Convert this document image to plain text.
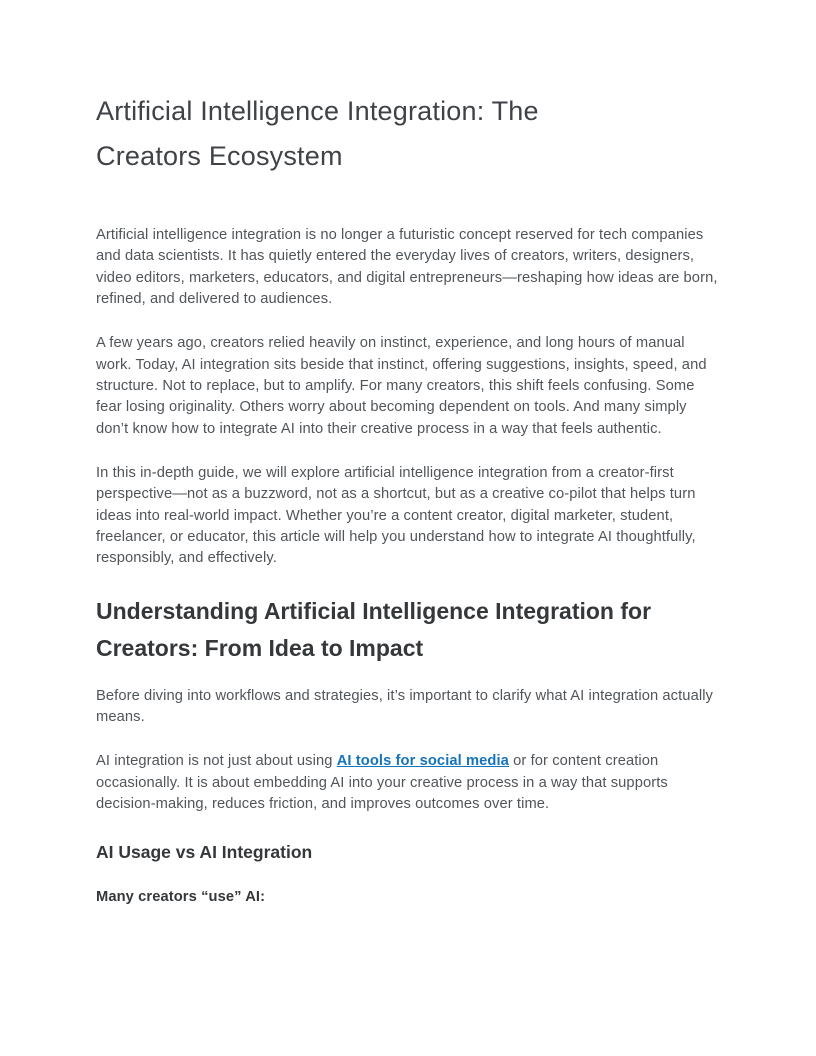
Artificial Intelligence Integration: The Creators Ecosystem

Artificial intelligence integration is no longer a futuristic concept reserved for tech companies and data scientists. It has quietly entered the everyday lives of creators, writers, designers, video editors, marketers, educators, and digital entrepreneurs—reshaping how ideas are born, refined, and delivered to audiences.

A few years ago, creators relied heavily on instinct, experience, and long hours of manual work. Today, AI integration sits beside that instinct, offering suggestions, insights, speed, and structure. Not to replace, but to amplify. For many creators, this shift feels confusing. Some fear losing originality. Others worry about becoming dependent on tools. And many simply don’t know how to integrate AI into their creative process in a way that feels authentic.

In this in-depth guide, we will explore artificial intelligence integration from a creator-first perspective—not as a buzzword, not as a shortcut, but as a creative co-pilot that helps turn ideas into real-world impact. Whether you’re a content creator, digital marketer, student, freelancer, or educator, this article will help you understand how to integrate AI thoughtfully, responsibly, and effectively.

Understanding Artificial Intelligence Integration for Creators: From Idea to Impact

Before diving into workflows and strategies, it’s important to clarify what AI integration actually means.

AI integration is not just about using AI tools for social media or for content creation occasionally. It is about embedding AI into your creative process in a way that supports decision-making, reduces friction, and improves outcomes over time.

AI Usage vs AI Integration

Many creators “use” AI:
